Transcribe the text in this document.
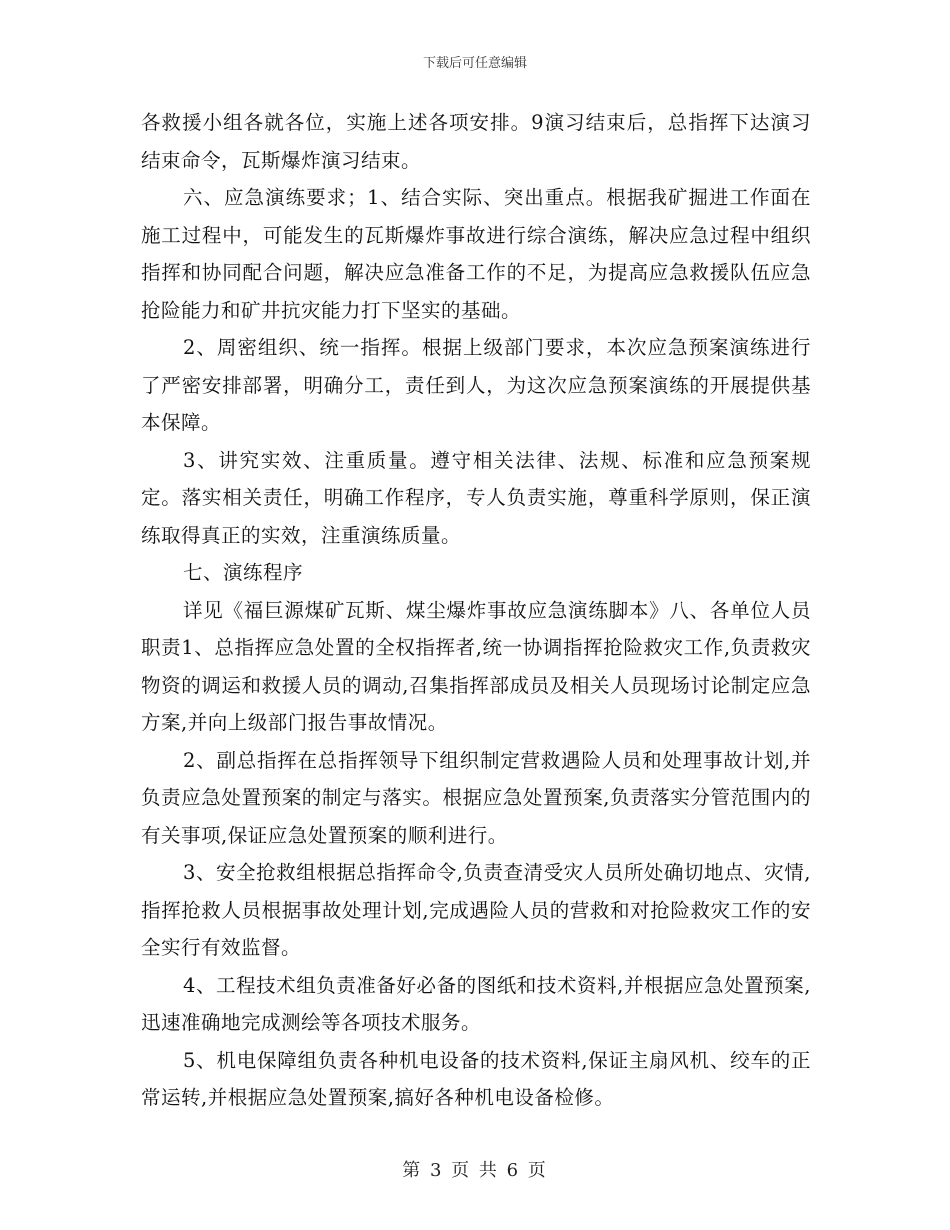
下载后可任意编辑

各救援小组各就各位，实施上述各项安排。9演习结束后，总指挥下达演习结束命令，瓦斯爆炸演习结束。

六、应急演练要求；1、结合实际、突出重点。根据我矿掘进工作面在施工过程中，可能发生的瓦斯爆炸事故进行综合演练，解决应急过程中组织指挥和协同配合问题，解决应急准备工作的不足，为提高应急救援队伍应急抢险能力和矿井抗灾能力打下坚实的基础。

2、周密组织、统一指挥。根据上级部门要求，本次应急预案演练进行了严密安排部署，明确分工，责任到人，为这次应急预案演练的开展提供基本保障。

3、讲究实效、注重质量。遵守相关法律、法规、标准和应急预案规定。落实相关责任，明确工作程序，专人负责实施，尊重科学原则，保正演练取得真正的实效，注重演练质量。

七、演练程序

详见《福巨源煤矿瓦斯、煤尘爆炸事故应急演练脚本》八、各单位人员职责1、总指挥应急处置的全权指挥者,统一协调指挥抢险救灾工作,负责救灾物资的调运和救援人员的调动,召集指挥部成员及相关人员现场讨论制定应急方案,并向上级部门报告事故情况。

2、副总指挥在总指挥领导下组织制定营救遇险人员和处理事故计划,并负责应急处置预案的制定与落实。根据应急处置预案,负责落实分管范围内的有关事项,保证应急处置预案的顺利进行。

3、安全抢救组根据总指挥命令,负责查清受灾人员所处确切地点、灾情,指挥抢救人员根据事故处理计划,完成遇险人员的营救和对抢险救灾工作的安全实行有效监督。

4、工程技术组负责准备好必备的图纸和技术资料,并根据应急处置预案,迅速准确地完成测绘等各项技术服务。

5、机电保障组负责各种机电设备的技术资料,保证主扇风机、绞车的正常运转,并根据应急处置预案,搞好各种机电设备检修。

第 3 页 共 6 页
